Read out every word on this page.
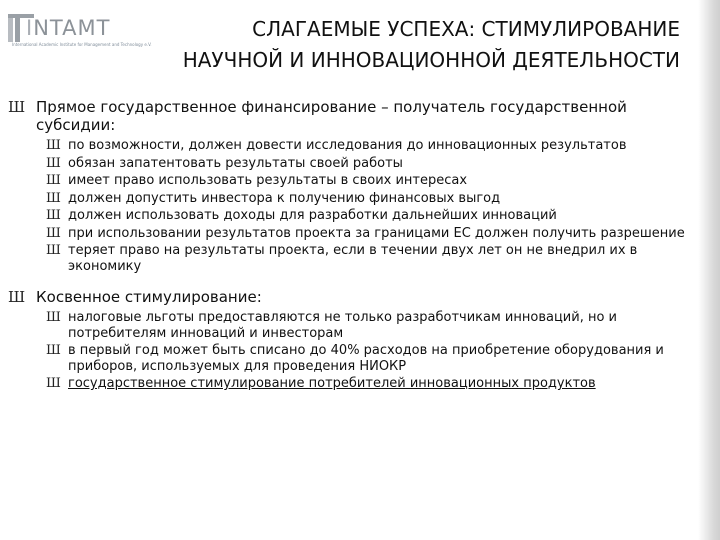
INTAMT
International Academic Institute for Management and Technology e.V.
СЛАГАЕМЫЕ УСПЕХА: СТИМУЛИРОВАНИЕ
НАУЧНОЙ И ИННОВАЦИОННОЙ ДЕЯТЕЛЬНОСТИ
Ш Прямое государственное финансирование – получатель государственной субсидии:
Ш по возможности, должен довести исследования до инновационных результатов
Ш обязан запатентовать результаты своей работы
Ш имеет право использовать результаты в своих интересах
Ш должен допустить инвестора к получению финансовых выгод
Ш должен использовать доходы для разработки дальнейших инноваций
Ш при использовании результатов проекта за границами ЕС должен получить разрешение
Ш теряет право на результаты проекта, если в течении двух лет он не внедрил их в экономику
Ш Косвенное стимулирование:
Ш налоговые льготы предоставляются не только разработчикам инноваций, но и потребителям инноваций и инвесторам
Ш в первый год может быть списано до 40% расходов на приобретение оборудования и приборов, используемых для проведения НИОКР
Ш государственное стимулирование потребителей инновационных продуктов
